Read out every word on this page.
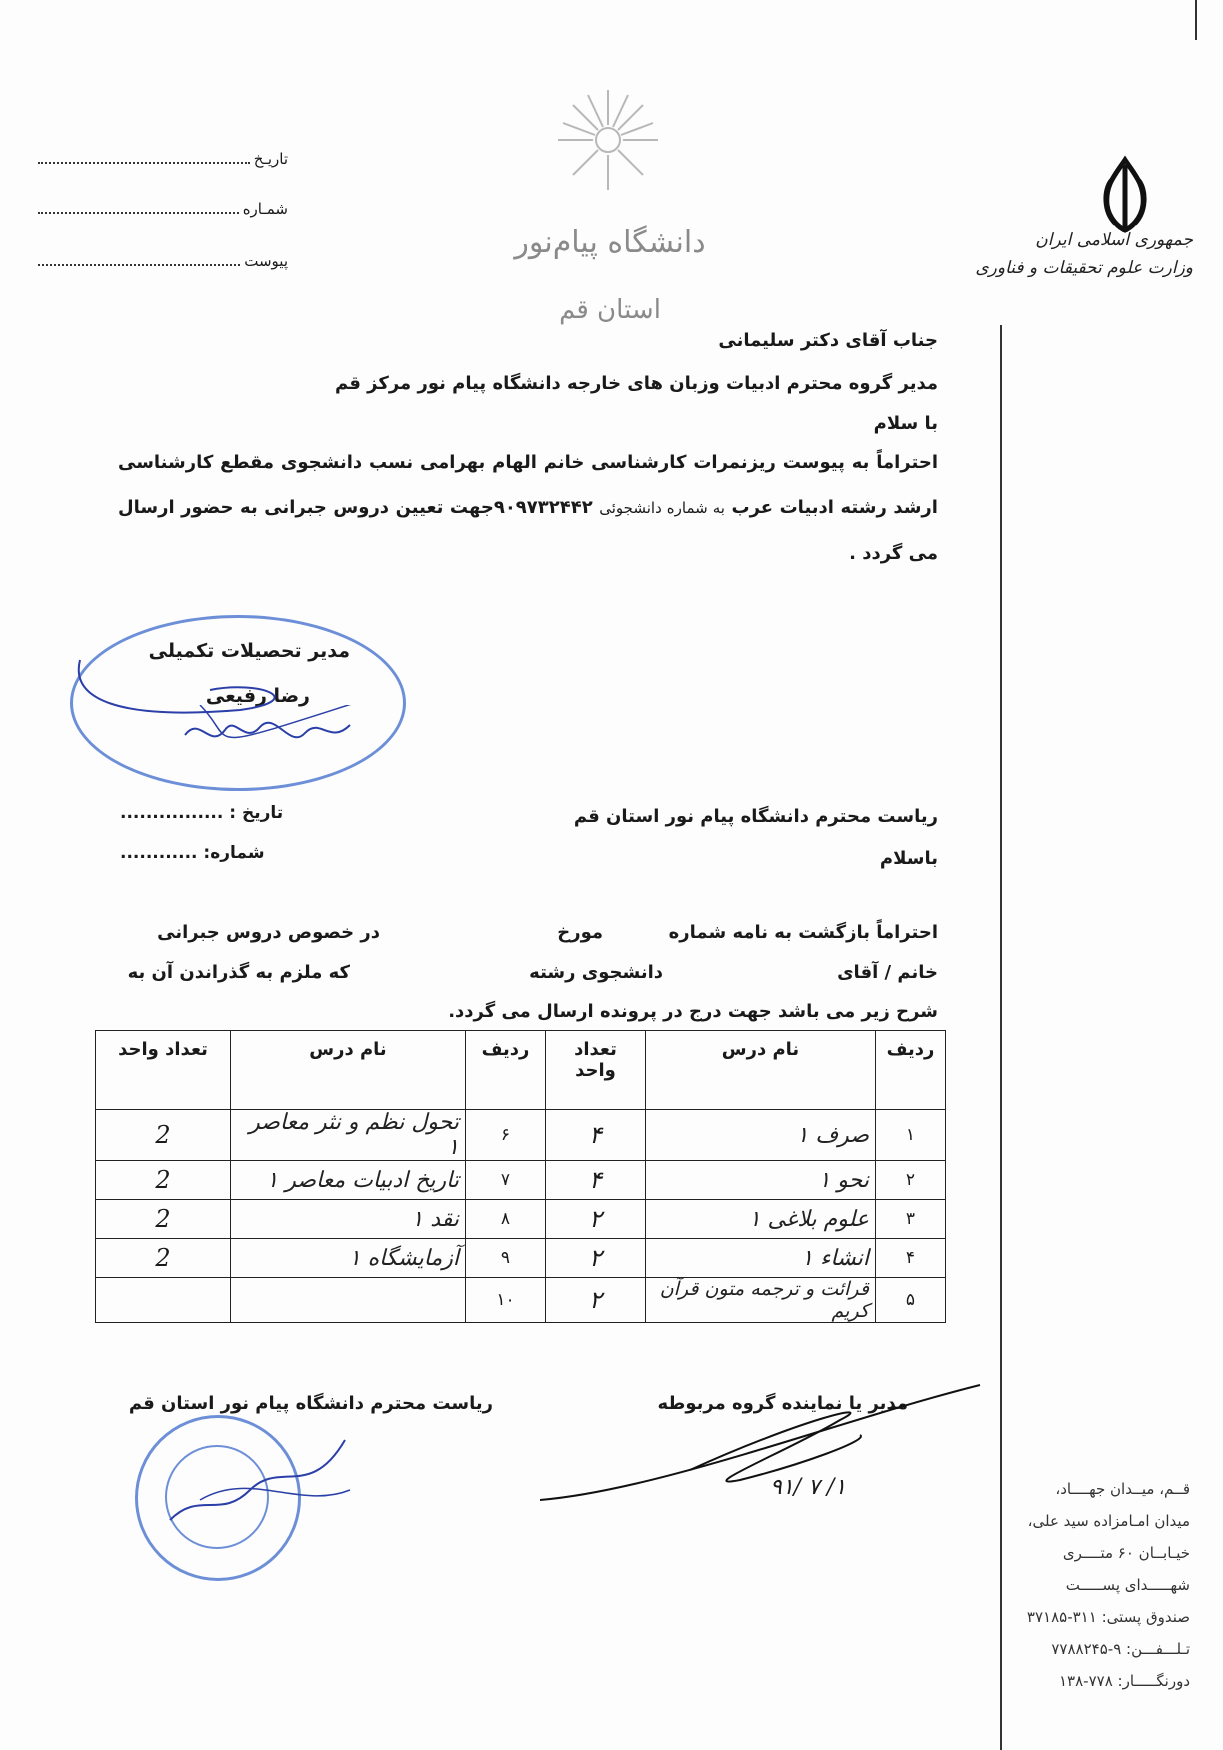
جمهوری اسلامی ایران
وزارت علوم تحقیقات و فناوری
دانشگاه پیام‌نور
استان قم
تاریـخ
شمـاره
پیوست
جناب آقای دکتر سلیمانی
مدیر گروه محترم ادبیات وزبان های خارجه دانشگاه پیام نور مرکز قم
با سلام
احتراماً به پیوست ریزنمرات کارشناسی خانم الهام بهرامی نسب دانشجوی مقطع کارشناسی ارشد رشته ادبیات عرب به شماره دانشجوئی ۹۰۹۷۳۲۴۴۲جهت تعیین دروس جبرانی به حضور ارسال می گردد .
مدیر تحصیلات تکمیلی
رضا رفیعی
تاریخ : ................
شماره: ............
ریاست محترم دانشگاه پیام نور استان قم
باسلام
احتراماً بازگشت به نامه شماره
مورخ
در خصوص دروس جبرانی
خانم / آقای
دانشجوی رشته
که ملزم به گذراندن آن به
شرح زیر می باشد جهت درج در پرونده ارسال می گردد.
ردیف	نام درس	تعداد واحد	ردیف	نام درس	تعداد واحد
۱	صرف ۱	۴	۶	تحول نظم و نثر معاصر ۱	2
۲	نحو ۱	۴	۷	تاریخ ادبیات معاصر ۱	2
۳	علوم بلاغی ۱	۲	۸	نقد ۱	2
۴	انشاء ۱	۲	۹	آزمایشگاه ۱	2
۵	قرائت و ترجمه متون قرآن کریم	۲	۱۰		
مدیر یا نماینده گروه مربوطه
ریاست محترم دانشگاه پیام نور استان قم
۹۱/ ۷ /۱	قــم، میــدان جهــــاد،
میدان امـامزاده سید علی،
خیـابــان ۶۰ متــــری
شهـــــدای پســـــت
صندوق پستی: ۳۱۱-۳۷۱۸۵
تـلـــفـــن: ۹-۷۷۸۸۲۴۵
دورنگـــــار: ۷۷۸-۱۳۸
